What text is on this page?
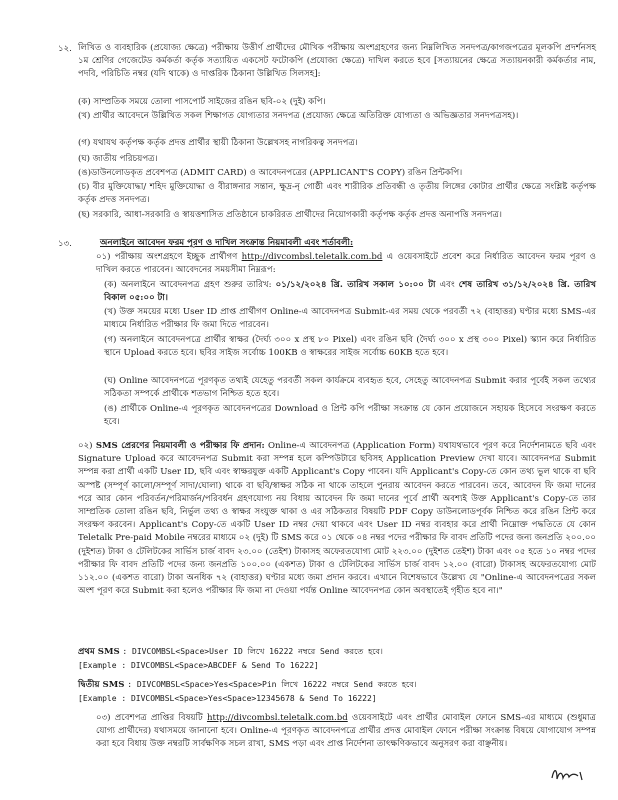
১২. লিখিত ও ব্যবহারিক (প্রযোজ্য ক্ষেত্রে) পরীক্ষায় উত্তীর্ণ প্রার্থীদের মৌখিক পরীক্ষায় অংশগ্রহণের জন্য নিম্নলিখিত সনদপত্র/কাগজপত্রের মূলকপি প্রদর্শনসহ ১ম শ্রেণির গেজেটেড কর্মকর্তা কর্তৃক সত্যায়িত একসেট ফটোকপি (প্রযোজ্য ক্ষেত্রে) দাখিল করতে হবে [সত্যায়নের ক্ষেত্রে সত্যায়নকারী কর্মকর্তার নাম, পদবি, পরিচিতি নম্বর (যদি থাকে) ও দাপ্তরিক ঠিকানা উল্লিখিত সিলসহ]:

(ক) সাম্প্রতিক সময়ে তোলা পাসপোর্ট সাইজের রঙিন ছবি-০২ (দুই) কপি।

(খ) প্রার্থীর আবেদনে উল্লিখিত সকল শিক্ষাগত যোগ্যতার সনদপত্র (প্রযোজ্য ক্ষেত্রে অতিরিক্ত যোগ্যতা ও অভিজ্ঞতার সনদপত্রসহ)।

(গ) যথাযথ কর্তৃপক্ষ কর্তৃক প্রদত্ত প্রার্থীর স্থায়ী ঠিকানা উল্লেখসহ নাগরিকত্ব সনদপত্র।

(ঘ) জাতীয় পরিচয়পত্র।

(ঙ)ডাউনলোডকৃত প্রবেশপত্র (ADMIT CARD) ও আবেদনপত্রের (APPLICANT'S COPY) রঙিন প্রিন্টকপি।

(চ) বীর মুক্তিযোদ্ধা/ শহিদ মুক্তিযোদ্ধা ও বীরাঙ্গনার সন্তান, ক্ষুদ্র-নৃ গোষ্ঠী এবং শারীরিক প্রতিবন্ধী ও তৃতীয় লিঙ্গের কোটার প্রার্থীর ক্ষেত্রে সংশ্লিষ্ট কর্তৃপক্ষ কর্তৃক প্রদত্ত সনদপত্র।

(ছ) সরকারি, আধা-সরকারি ও স্বায়ত্তশাসিত প্রতিষ্ঠানে চাকরিরত প্রার্থীদের নিয়োগকারী কর্তৃপক্ষ কর্তৃক প্রদত্ত অনাপত্তি সনদপত্র।

১৩.	অনলাইনে আবেদন ফরম পূরণ ও দাখিল সংক্রান্ত নিয়মাবলী এবং শর্তাবলী:

০১) পরীক্ষায় অংশগ্রহণে ইচ্ছুক প্রার্থীগণ http://divcombsl.teletalk.com.bd এ ওয়েবসাইটে প্রবেশ করে নির্ধারিত আবেদন ফরম পূরণ ও দাখিল করতে পারবেন। আবেদনের সময়সীমা নিম্নরূপ:

(ক) অনলাইনে আবেদনপত্র গ্রহণ শুরুর তারিখ: ০১/১২/২০২৪ খ্রি. তারিখ সকাল ১০:০০ টা এবং শেষ তারিখ ৩১/১২/২০২৪ খ্রি. তারিখ বিকাল ০৫:০০ টা।

(খ) উক্ত সময়ের মধ্যে User ID প্রাপ্ত প্রার্থীগণ Online-এ আবেদনপত্র Submit-এর সময় থেকে পরবর্তী ৭২ (বাহাত্তর) ঘণ্টার মধ্যে SMS-এর মাধ্যমে নির্ধারিত পরীক্ষার ফি জমা দিতে পারবেন।

(গ) অনলাইনে আবেদনপত্রে প্রার্থীর স্বাক্ষর (দৈর্ঘ্য ৩০০ x প্রস্থ ৮০ Pixel) এবং রঙিন ছবি (দৈর্ঘ্য ৩০০ x প্রস্থ ৩০০ Pixel) স্ক্যান করে নির্ধারিত স্থানে Upload করতে হবে। ছবির সাইজ সর্বোচ্চ 100KB ও স্বাক্ষরের সাইজ সর্বোচ্চ 60KB হতে হবে।

(ঘ) Online আবেদনপত্রে পূরণকৃত তথ্যই যেহেতু পরবর্তী সকল কার্যক্রমে ব্যবহৃত হবে, সেহেতু আবেদনপত্র Submit করার পূর্বেই সকল তথ্যের সঠিকতা সম্পর্কে প্রার্থীকে শতভাগ নিশ্চিত হতে হবে।

(ঙ) প্রার্থীকে Online-এ পূরণকৃত আবেদনপত্রের Download ও প্রিন্ট কপি পরীক্ষা সংক্রান্ত যে কোন প্রয়োজনে সহায়ক হিসেবে সংরক্ষণ করতে হবে।

০২) SMS প্রেরণের নিয়মাবলী ও পরীক্ষার ফি প্রদান: Online-এ আবেদনপত্র (Application Form) যথাযথভাবে পূরণ করে নির্দেশনামতে ছবি এবং Signature Upload করে আবেদনপত্র Submit করা সম্পন্ন হলে কম্পিউটারে ছবিসহ Application Preview দেখা যাবে। আবেদনপত্র Submit সম্পন্ন করা প্রার্থী একটি User ID, ছবি এবং স্বাক্ষরযুক্ত একটি Applicant's Copy পাবেন। যদি Applicant's Copy-তে কোন তথ্য ভুল থাকে বা ছবি অস্পষ্ট (সম্পূর্ণ কালো/সম্পূর্ণ সাদা/ঘোলা) থাকে বা ছবি/স্বাক্ষর সঠিক না থাকে তাহলে পুনরায় আবেদন করতে পারবেন। তবে, আবেদন ফি জমা দানের পরে আর কোন পরিবর্তন/পরিমার্জন/পরিবর্ধন গ্রহণযোগ্য নয় বিধায় আবেদন ফি জমা দানের পূর্বে প্রার্থী অবশ্যই উক্ত Applicant's Copy-তে তার সাম্প্রতিক তোলা রঙিন ছবি, নির্ভুল তথ্য ও স্বাক্ষর সংযুক্ত থাকা ও এর সঠিকতার বিষয়টি PDF Copy ডাউনলোডপূর্বক নিশ্চিত করে রঙিন প্রিন্ট করে সংরক্ষণ করবেন। Applicant's Copy-তে একটি User ID নম্বর দেয়া থাকবে এবং User ID নম্বর ব্যবহার করে প্রার্থী নিম্নোক্ত পদ্ধতিতে যে কোন Teletalk Pre-paid Mobile নম্বরের মাধ্যমে ০২ (দুই) টি SMS করে ০১ থেকে ০৪ নম্বর পদের পরীক্ষার ফি বাবদ প্রতিটি পদের জন্য জনপ্রতি ২০০.০০ (দুইশত) টাকা ও টেলিটকের সার্ভিস চার্জ বাবদ ২৩.০০ (তেইশ) টাকাসহ অফেরতযোগ্য মোট ২২৩.০০ (দুইশত তেইশ) টাকা এবং ০৫ হতে ১০ নম্বর পদের পরীক্ষার ফি বাবদ প্রতিটি পদের জন্য জনপ্রতি ১০০.০০ (একশত) টাকা ও টেলিটকের সার্ভিস চার্জ বাবদ ১২.০০ (বারো) টাকাসহ অফেরতযোগ্য মোট ১১২.০০ (একশত বারো) টাকা অনধিক ৭২ (বাহাত্তর) ঘণ্টার মধ্যে জমা প্রদান করবে। এখানে বিশেষভাবে উল্লেখ্য যে "Online-এ আবেদনপত্রের সকল অংশ পূরণ করে Submit করা হলেও পরীক্ষার ফি জমা না দেওয়া পর্যন্ত Online আবেদনপত্র কোন অবস্থাতেই গৃহীত হবে না।"

প্রথম SMS : DIVCOMBSL<Space>User ID লিখে 16222 নম্বরে Send করতে হবে।

[Example : DIVCOMBSL<Space>ABCDEF & Send To 16222]

দ্বিতীয় SMS : DIVCOMBSL<Space>Yes<Space>Pin লিখে 16222 নম্বরে Send করতে হবে।

[Example : DIVCOMBSL<Space>Yes<Space>12345678 & Send To 16222]

০৩) প্রবেশপত্র প্রাপ্তির বিষয়টি http://divcombsl.teletalk.com.bd ওয়েবসাইটে এবং প্রার্থীর মোবাইল ফোনে SMS-এর মাধ্যমে (শুধুমাত্র যোগ্য প্রার্থীদের) যথাসময়ে জানানো হবে। Online-এ পূরণকৃত আবেদনপত্রে প্রার্থীর প্রদত্ত মোবাইল ফোনে পরীক্ষা সংক্রান্ত বিষয়ে যোগাযোগ সম্পন্ন করা হবে বিধায় উক্ত নম্বরটি সার্বক্ষণিক সচল রাখা, SMS পড়া এবং প্রাপ্ত নির্দেশনা তাৎক্ষণিকভাবে অনুসরণ করা বাঞ্ছনীয়।
